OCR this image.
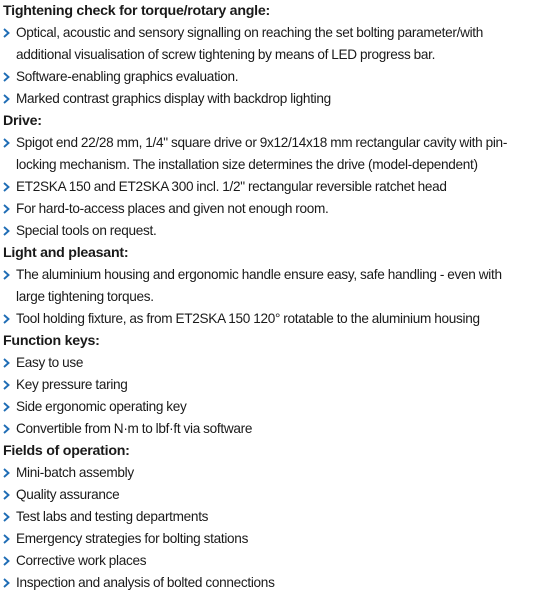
Tightening check for torque/rotary angle:
Optical, acoustic and sensory signalling on reaching the set bolting parameter/with additional visualisation of screw tightening by means of LED progress bar.
Software-enabling graphics evaluation.
Marked contrast graphics display with backdrop lighting
Drive:
Spigot end 22/28 mm, 1/4" square drive or 9x12/14x18 mm rectangular cavity with pin-locking mechanism. The installation size determines the drive (model-dependent)
ET2SKA 150 and ET2SKA 300 incl. 1/2" rectangular reversible ratchet head
For hard-to-access places and given not enough room.
Special tools on request.
Light and pleasant:
The aluminium housing and ergonomic handle ensure easy, safe handling - even with large tightening torques.
Tool holding fixture, as from ET2SKA 150 120° rotatable to the aluminium housing
Function keys:
Easy to use
Key pressure taring
Side ergonomic operating key
Convertible from N·m to lbf·ft via software
Fields of operation:
Mini-batch assembly
Quality assurance
Test labs and testing departments
Emergency strategies for bolting stations
Corrective work places
Inspection and analysis of bolted connections
